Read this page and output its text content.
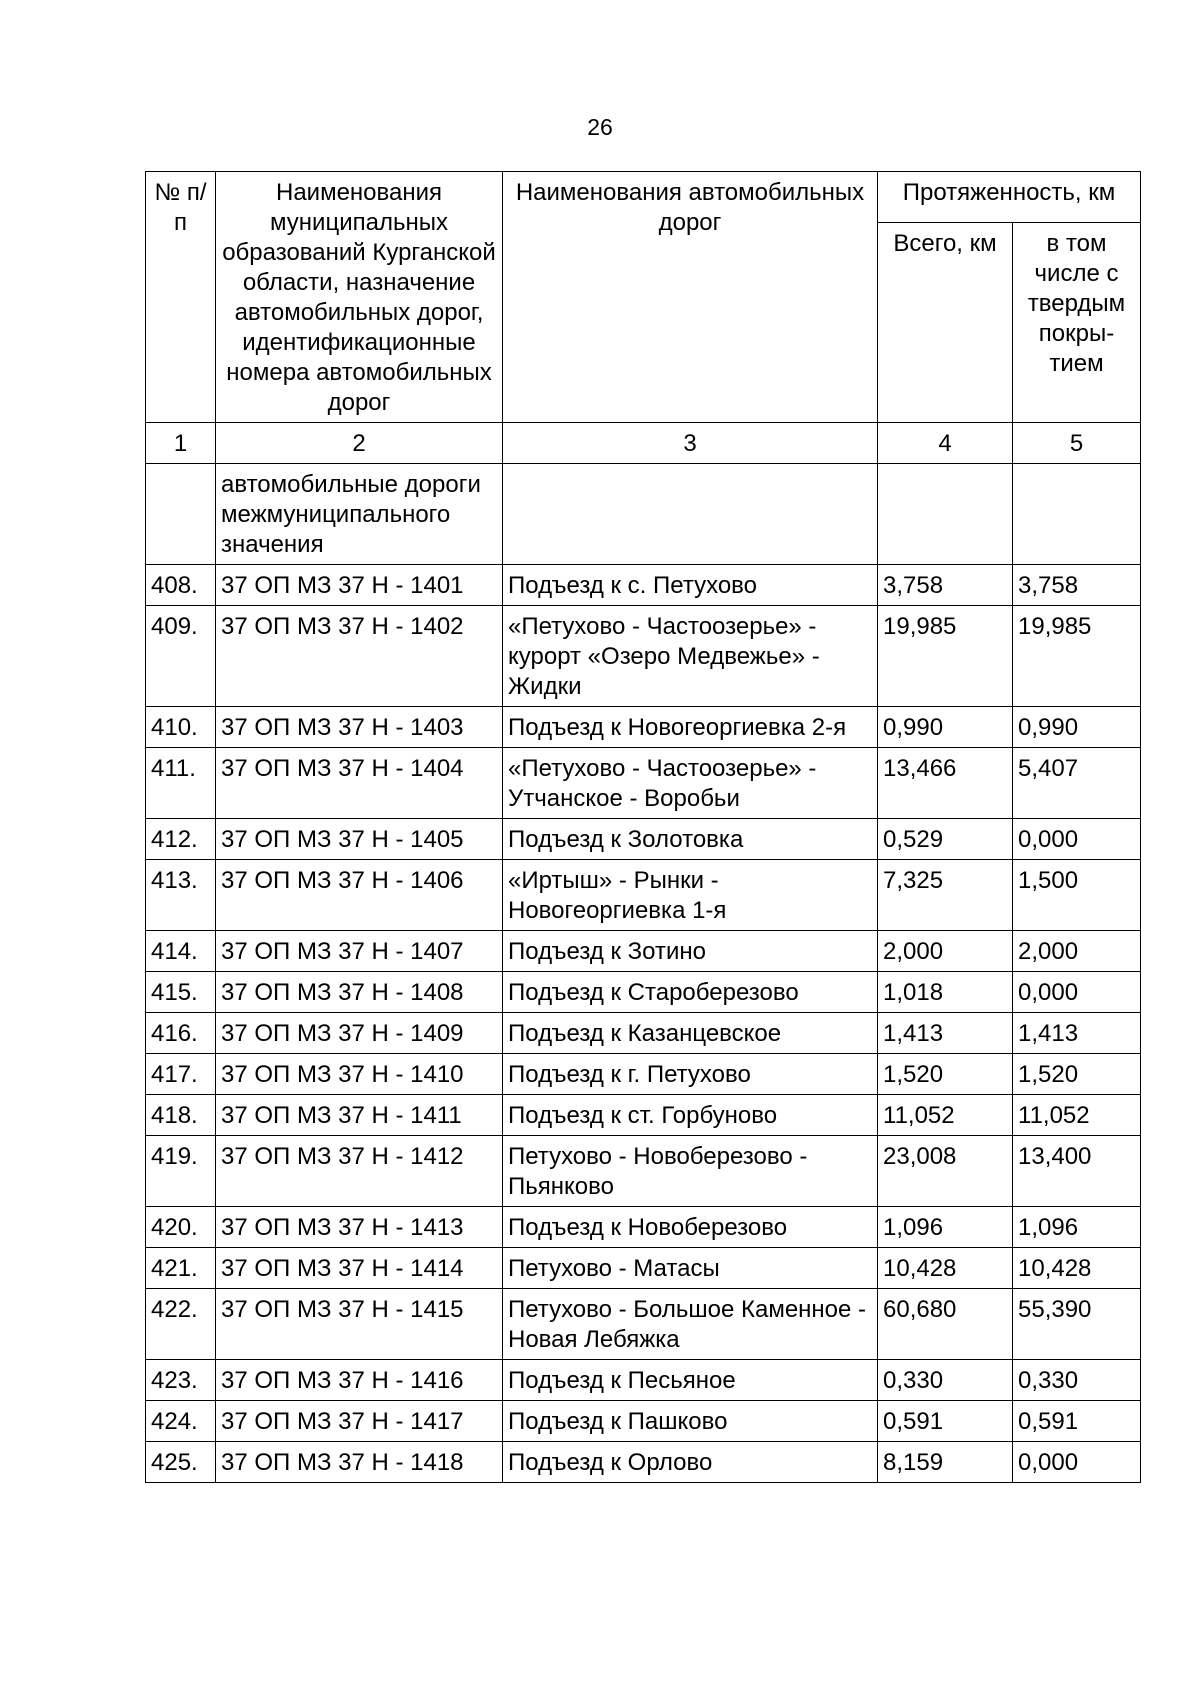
26
№ п/п	Наименования муниципальных образований Курганской области, назначение автомобильных дорог, идентификационные номера автомобильных дорог	Наименования автомобильных дорог	Протяженность, км	
			Всего, км	в том числе с твердым покры- тием
1	2	3	4	5
	автомобильные дороги межмуниципального значения			
408.	37 ОП МЗ 37 Н - 1401	Подъезд к с. Петухово	3,758	3,758
409.	37 ОП МЗ 37 Н - 1402	«Петухово - Частоозерье» - курорт «Озеро Медвежье» - Жидки	19,985	19,985
410.	37 ОП МЗ 37 Н - 1403	Подъезд к Новогеоргиевка 2-я	0,990	0,990
411.	37 ОП МЗ 37 Н - 1404	«Петухово - Частоозерье» - Утчанское - Воробьи	13,466	5,407
412.	37 ОП МЗ 37 Н - 1405	Подъезд к Золотовка	0,529	0,000
413.	37 ОП МЗ 37 Н - 1406	«Иртыш» - Рынки - Новогеоргиевка 1-я	7,325	1,500
414.	37 ОП МЗ 37 Н - 1407	Подъезд к Зотино	2,000	2,000
415.	37 ОП МЗ 37 Н - 1408	Подъезд к Староберезово	1,018	0,000
416.	37 ОП МЗ 37 Н - 1409	Подъезд к Казанцевское	1,413	1,413
417.	37 ОП МЗ 37 Н - 1410	Подъезд к г. Петухово	1,520	1,520
418.	37 ОП МЗ 37 Н - 1411	Подъезд к ст. Горбуново	11,052	11,052
419.	37 ОП МЗ 37 Н - 1412	Петухово - Новоберезово - Пьянково	23,008	13,400
420.	37 ОП МЗ 37 Н - 1413	Подъезд к Новоберезово	1,096	1,096
421.	37 ОП МЗ 37 Н - 1414	Петухово - Матасы	10,428	10,428
422.	37 ОП МЗ 37 Н - 1415	Петухово - Большое Каменное - Новая Лебяжка	60,680	55,390
423.	37 ОП МЗ 37 Н - 1416	Подъезд к Песьяное	0,330	0,330
424.	37 ОП МЗ 37 Н - 1417	Подъезд к Пашково	0,591	0,591
425.	37 ОП МЗ 37 Н - 1418	Подъезд к Орлово	8,159	0,000
